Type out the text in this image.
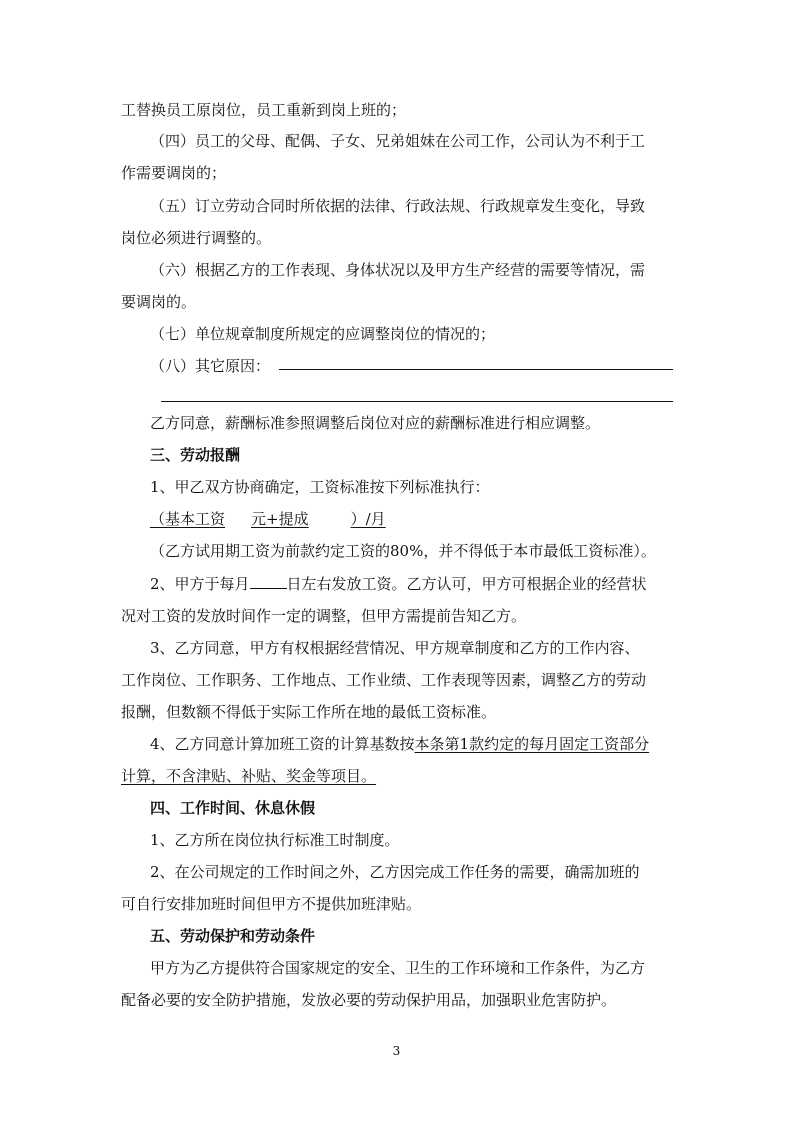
工替换员工原岗位，员工重新到岗上班的；
（四）员工的父母、配偶、子女、兄弟姐妹在公司工作，公司认为不利于工
作需要调岗的；
（五）订立劳动合同时所依据的法律、行政法规、行政规章发生变化，导致
岗位必须进行调整的。
（六）根据乙方的工作表现、身体状况以及甲方生产经营的需要等情况，需
要调岗的。
（七）单位规章制度所规定的应调整岗位的情况的；
（八）其它原因：
乙方同意，薪酬标准参照调整后岗位对应的薪酬标准进行相应调整。
三、劳动报酬
1、甲乙双方协商确定，工资标准按下列标准执行：
（基本工资 元+提成	）/月
（乙方试用期工资为前款约定工资的80%，并不得低于本市最低工资标准）。
2、甲方于每月 日左右发放工资。乙方认可，甲方可根据企业的经营状
况对工资的发放时间作一定的调整，但甲方需提前告知乙方。
3、乙方同意，甲方有权根据经营情况、甲方规章制度和乙方的工作内容、
工作岗位、工作职务、工作地点、工作业绩、工作表现等因素，调整乙方的劳动
报酬，但数额不得低于实际工作所在地的最低工资标准。
4、乙方同意计算加班工资的计算基数按本条第1款约定的每月固定工资部分
计算，不含津贴、补贴、奖金等项目。
四、工作时间、休息休假
1、乙方所在岗位执行标准工时制度。
2、在公司规定的工作时间之外，乙方因完成工作任务的需要，确需加班的
可自行安排加班时间但甲方不提供加班津贴。
五、劳动保护和劳动条件
甲方为乙方提供符合国家规定的安全、卫生的工作环境和工作条件，为乙方
配备必要的安全防护措施，发放必要的劳动保护用品，加强职业危害防护。
3
